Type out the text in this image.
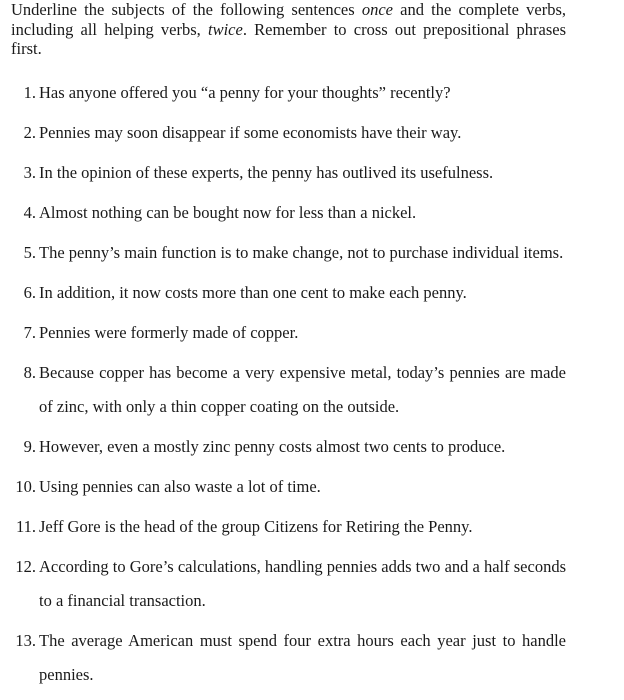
Underline the subjects of the following sentences once and the complete verbs, including all helping verbs, twice. Remember to cross out prepositional phrases first.

1. Has anyone offered you “a penny for your thoughts” recently?
2. Pennies may soon disappear if some economists have their way.
3. In the opinion of these experts, the penny has outlived its usefulness.
4. Almost nothing can be bought now for less than a nickel.
5. The penny’s main function is to make change, not to purchase individual items.
6. In addition, it now costs more than one cent to make each penny.
7. Pennies were formerly made of copper.
8. Because copper has become a very expensive metal, today’s pennies are made of zinc, with only a thin copper coating on the outside.
9. However, even a mostly zinc penny costs almost two cents to produce.
10. Using pennies can also waste a lot of time.
11. Jeff Gore is the head of the group Citizens for Retiring the Penny.
12. According to Gore’s calculations, handling pennies adds two and a half seconds to a financial transaction.
13. The average American must spend four extra hours each year just to handle pennies.
